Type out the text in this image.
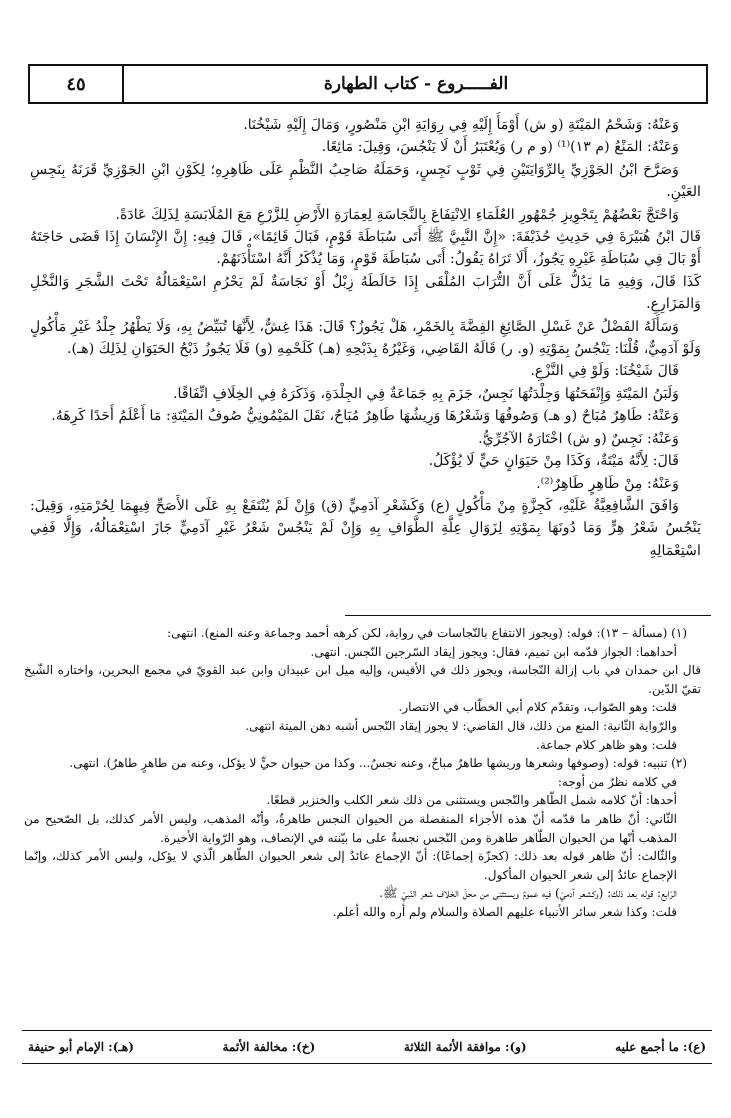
الفـــــروع - كتاب الطهارة
٤٥

وَعَنْهُ: وَشَحْمُ المَيْتَةِ (و ش) أَوْمَأَ إِلَيْهِ فِي رِوَايَةِ ابْنِ مَنْصُورٍ، وَمَالَ إِلَيْهِ شَيْخُنَا.

وَعَنْهُ: المَنْعُ (م ١٣)⁽¹⁾ (و م ر) وَيُعْتَبَرُ أَنْ لَا يَنْجُسَ، وَقِيلَ: مَائِعًا.

وَصَرَّحَ ابْنُ الجَوْزِيِّ بِالرِّوَايَتَيْنِ فِي ثَوْبٍ نَجِسٍ، وَحَمَلَهُ صَاحِبُ النَّظْمِ عَلَى ظَاهِرِهِ؛ لِكَوْنِ ابْنِ الجَوْزِيِّ قَرَنَهُ بِنَجِسِ العَيْنِ.

وَاحْتَجَّ بَعْضُهُمْ بِتَجْوِيزِ جُمْهُورِ العُلَمَاءِ الِانْتِفَاعَ بِالنَّجَاسَةِ لِعِمَارَةِ الأَرْضِ لِلزَّرْعِ مَعَ المُلَابَسَةِ لِذَلِكَ عَادَةً.

قَالَ ابْنُ هُبَيْرَةَ فِي حَدِيثِ حُذَيْفَةَ: «إِنَّ النَّبِيَّ ﷺ أَتَى سُبَاطَةَ قَوْمٍ، فَبَالَ قَائِمًا»، قَالَ فِيهِ: إِنَّ الإِنْسَانَ إِذَا قَضَى حَاجَتَهُ أَوْ بَالَ فِي سُبَاطَةِ غَيْرِهِ يَجُوزُ، أَلَا تَرَاهُ يَقُولُ: أَتَى سُبَاطَةَ قَوْمٍ، وَمَا يُذْكَرُ أَنَّهُ اسْتَأْذَنَهُمْ.

كَذَا قَالَ، وَفِيهِ مَا يَدُلُّ عَلَى أَنَّ التُّرَابَ المُلْقَى إِذَا خَالَطَهُ زِبْلٌ أَوْ نَجَاسَةٌ لَمْ يَحْرُمِ اسْتِعْمَالُهُ تَحْتَ الشَّجَرِ وَالنَّخْلِ وَالمَزَارِعِ.

وَسَأَلَهُ الفَضْلُ عَنْ غَسْلِ الصَّائِغِ الفِضَّةَ بِالخَمْرِ، هَلْ يَجُوزُ؟ قَالَ: هَذَا غِشٌّ، لِأَنَّهَا تُبَيِّضُ بِهِ، وَلَا يَطْهُرُ جِلْدُ غَيْرِ مَأْكُولٍ وَلَوْ آدَمِيٌّ، قُلْنَا: يَنْجُسُ بِمَوْتِهِ (و. ر) قَالَهُ القَاضِي، وَغَيْرُهُ بِذَبْحِهِ (هـ) كَلَحْمِهِ (و) فَلَا يَجُوزُ ذَبْحُ الحَيَوَانِ لِذَلِكَ (هـ).

قَالَ شَيْخُنَا: وَلَوْ فِي النَّزْعِ.

وَلَبَنُ المَيْتَةِ وَإِنْفَحَتُهَا وَجِلْدَتُهَا نَجِسٌ، جَزَمَ بِهِ جَمَاعَةٌ فِي الجِلْدَةِ، وَذَكَرَهُ فِي الخِلَافِ اتِّفَاقًا.

وَعَنْهُ: طَاهِرٌ مُبَاحٌ (و هـ) وَصُوفُهَا وَشَعْرُهَا وَرِيشُهَا طَاهِرٌ مُبَاحٌ، نَقَلَ المَيْمُونِيُّ صُوفُ المَيْتَةِ: مَا أَعْلَمُ أَحَدًا كَرِهَهُ.

وَعَنْهُ: نَجِسٌ (و ش) اخْتَارَهُ الآجُرِّيُّ.

قَالَ: لِأَنَّهُ مَيْتَةٌ، وَكَذَا مِنْ حَيَوَانٍ حَيٍّ لَا يُؤْكَلُ.

وَعَنْهُ: مِنْ طَاهِرٍ طَاهِرٌ⁽²⁾.

وَافَقَ الشَّافِعِيَّةُ عَلَيْهِ، كَجِزَّةٍ مِنْ مَأْكُولٍ (ع) وَكَشَعْرِ آدَمِيٍّ (ق) وَإِنْ لَمْ يُنْتَفَعْ بِهِ عَلَى الأَصَحِّ فِيهِمَا لِحُرْمَتِهِ، وَقِيلَ: يَنْجُسُ شَعْرُ هِرٍّ وَمَا دُونَهَا بِمَوْتِهِ لِزَوَالِ عِلَّةِ الطَّوَافِ بِهِ وَإِنْ لَمْ يَنْجُسْ شَعْرُ غَيْرِ آدَمِيٍّ جَازَ اسْتِعْمَالُهُ، وَإِلَّا فَفِي اسْتِعْمَالِهِ

(١) (مسألة – ١٣): قوله: (ويجوز الانتفاع بالنّجاسات في رواية، لكن كرهه أحمد وجماعة وعنه المنع). انتهى:

أحداهما: الجواز قدّمه ابن تميم، فقال: ويجوز إيقاد السّرجين النّجس. انتهى.

قال ابن حمدان في باب إزالة النّجاسة، ويجوز ذلك في الأقيس، وإليه ميل ابن عبيدان وابن عبد القويّ في مجمع البحرين، واختاره الشّيخ تقيّ الدّين.

قلت: وهو الصّواب، وتقدّم كلام أبي الخطّاب في الانتصار.

والرّواية الثّانية: المنع من ذلك، قال القاضي: لا يجوز إيقاد النّجس أشبه دهن الميتة انتهى.

قلت: وهو ظاهر كلام جماعة.

(٢) تنبيه: قوله: (وصوفها وشعرها وريشها طاهرٌ مباحٌ، وعنه نجسٌ... وكذا من حيوان حيٍّ لا يؤكل، وعنه من طاهرٍ طاهرٌ). انتهى.

في كلامه نظرٌ من أوجه:

أحدها: أنّ كلامه شمل الطّاهر والنّجس ويستثنى من ذلك شعر الكلب والخنزير قطعًا.

الثّاني: أنّ ظاهر ما قدّمه أنّ هذه الأجزاء المنفصلة من الحيوان النجس طاهرةٌ، وأنّه المذهب، وليس الأمر كذلك، بل الصّحيح من المذهب أنّها من الحيوان الطّاهر طاهرة ومن النّجس نجسةٌ على ما بيّنته في الإنصاف، وهو الرّواية الأخيرة.

والثّالث: أنّ ظاهر قوله بعد ذلك: (كجزّة إجماعًا): أنّ الإجماع عائدٌ إلى شعر الحيوان الطّاهر الّذي لا يؤكل، وليس الأمر كذلك، وإنّما الإجماع عائدٌ إلى شعر الحيوان المأكول.

الرّابع: قوله بعد ذلك: (وكشعر آدميّ) فيه عمومٌ ويستثنى من محلّ الخلاف شعر النّبيّ ﷺ.

قلت: وكذا شعر سائر الأنبياء عليهم الصلاة والسلام ولم أره والله أعلم.

(ع): ما أجمع عليه
(و): موافقة الأئمة الثلاثة
(خ): مخالفة الأئمة
(هـ): الإمام أبو حنيفة
